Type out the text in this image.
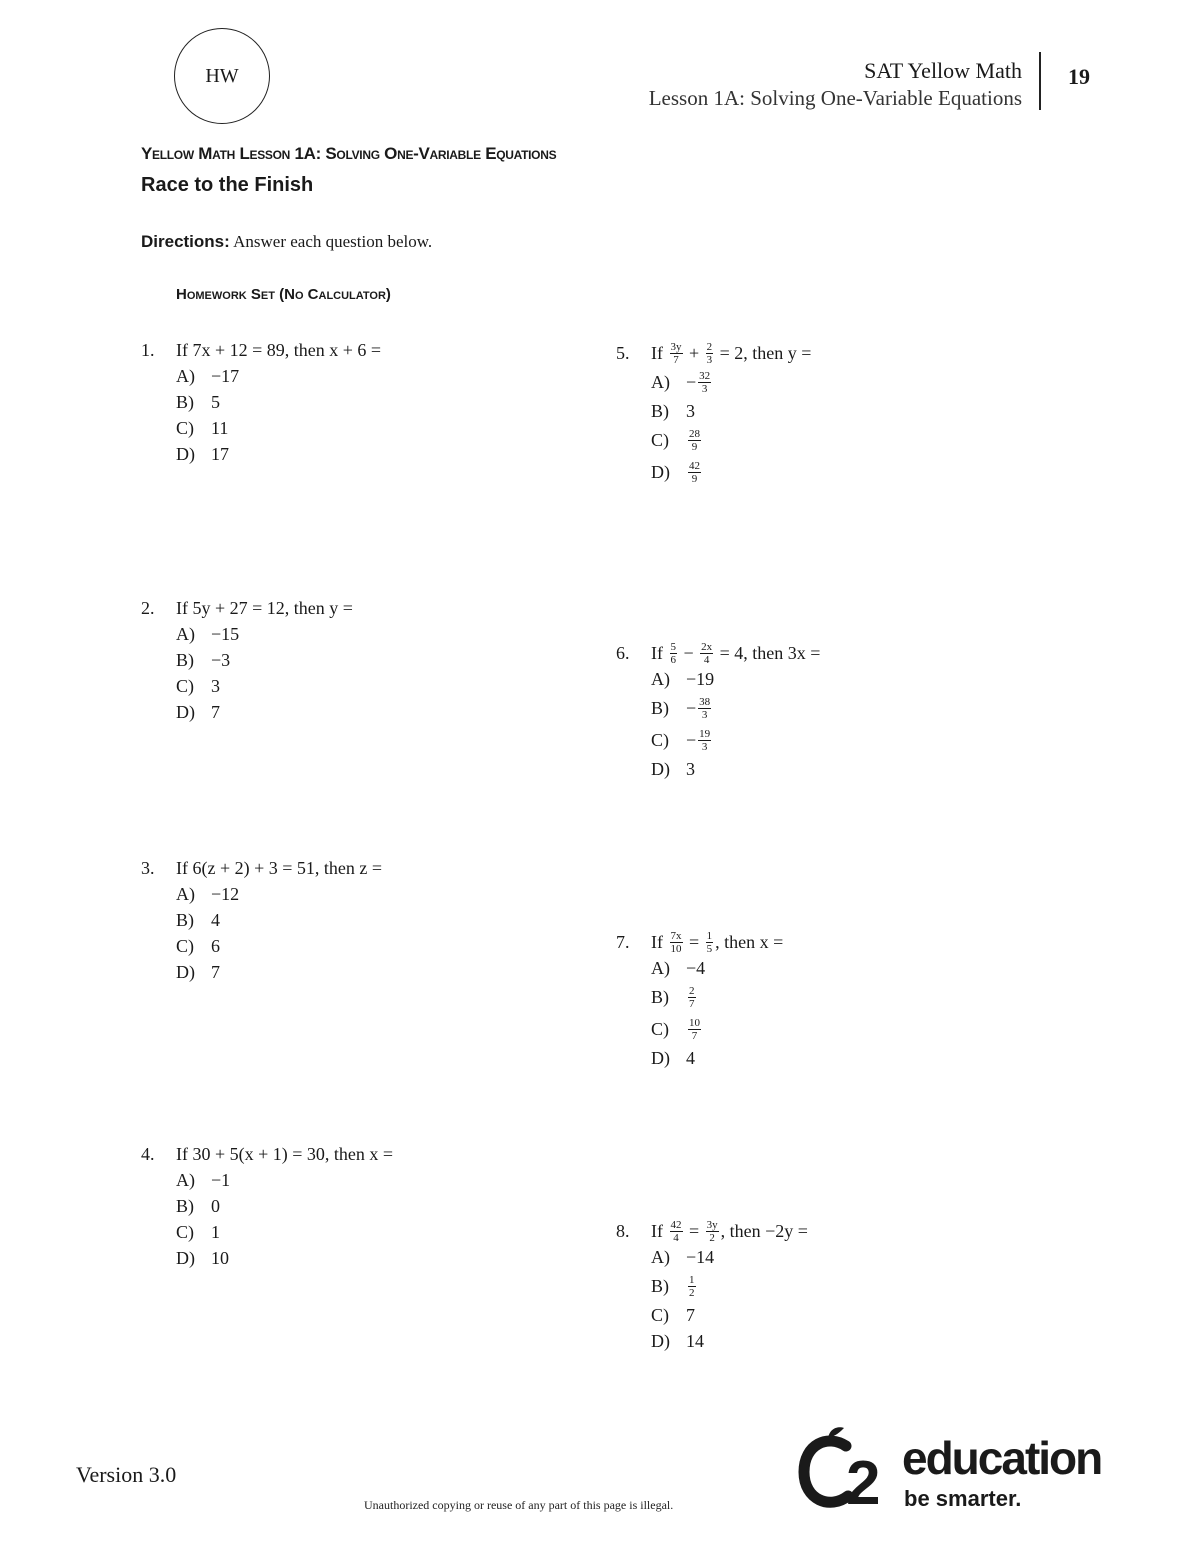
HW	SAT Yellow Math
Lesson 1A: Solving One-Variable Equations
19
Yellow Math Lesson 1A: Solving One-Variable Equations
Race to the Finish
Directions: Answer each question below.
Homework Set (No Calculator)
1.	If 7x + 12 = 89, then x + 6 =
A) −17
B) 5
C) 11
D) 17
2.	If 5y + 27 = 12, then y =
A) −15
B) −3
C) 3
D) 7
3.	If 6(z + 2) + 3 = 51, then z =
A) −12
B) 4
C) 6
D) 7
4.	If 30 + 5(x + 1) = 30, then x =
A) −1
B) 0
C) 1
D) 10
5.	If $\frac{3y}{7} + \frac{2}{3} = 2$, then y =
$A) - \frac{32}{3}$
B) 3
C)	$\frac{28}{9}$
D)	$\frac{42}{9}$
6.	If $\frac{5}{6} - \frac{2x}{4} = 4$, then 3x =
A) −19
$B) - \frac{38}{3}$
$C) - \frac{19}{3}$
D) 3
7.	If $\frac{7x}{10} = \frac{1}{5}$ , then x =
A) −4
B)	$\frac{2}{7}$
C)	$\frac{10}{7}$
D) 4
8.	If $\frac{42}{4} = \frac{3y}{2}$ , then −2y =
A) −14
B)	$\frac{1}{2}$
C) 7
D) 14
Version 3.0
Unauthorized copying or reuse of any part of this page is illegal.	2 education
be smarter.
